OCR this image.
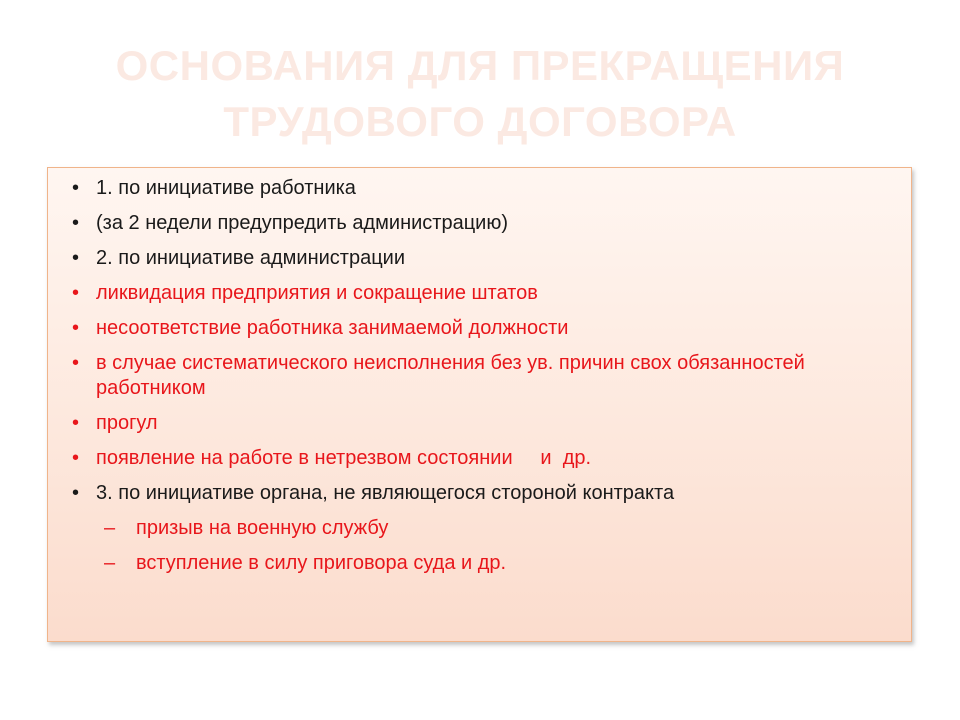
ОСНОВАНИЯ ДЛЯ ПРЕКРАЩЕНИЯ
ТРУДОВОГО ДОГОВОРА
• 1. по инициативе работника
• (за 2 недели предупредить администрацию)
• 2. по инициативе администрации
• ликвидация предприятия и сокращение штатов
• несоответствие работника занимаемой должности
• в случае систематического неисполнения без ув. причин свох обязанностей работником
• прогул
• появление на работе в нетрезвом состоянии     и  др.
• 3. по инициативе органа, не являющегося стороной контракта
– призыв на военную службу
– вступление в силу приговора суда и др.
